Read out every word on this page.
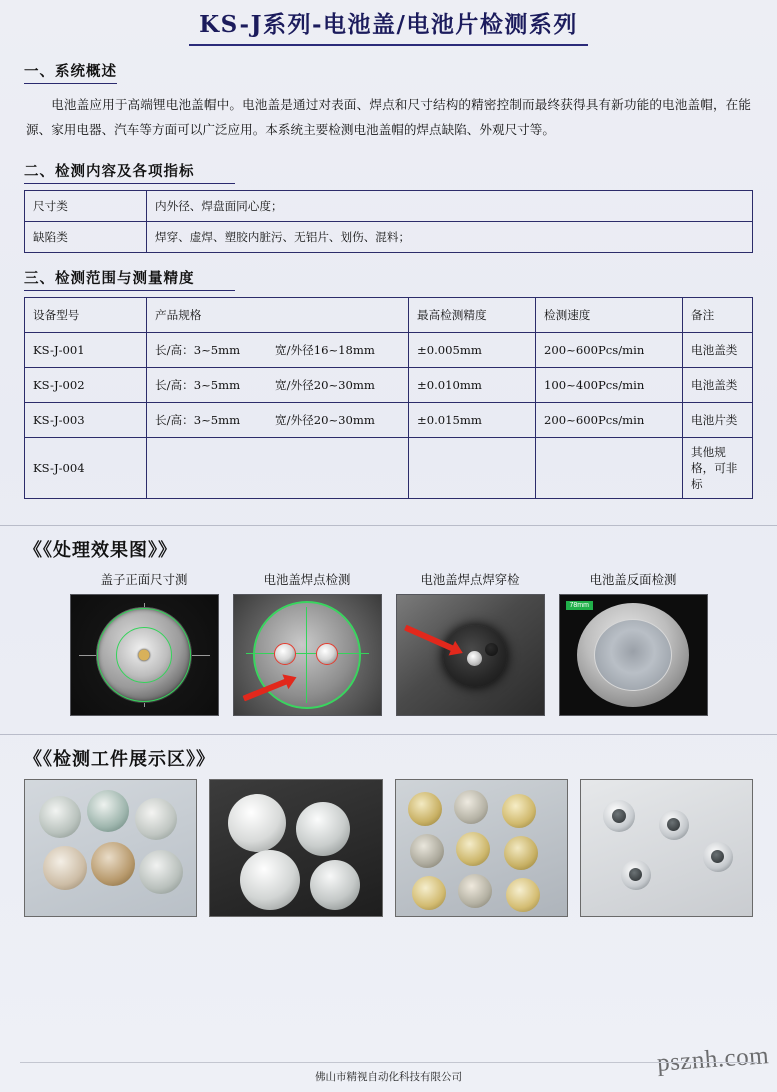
KS-J系列-电池盖/电池片检测系列
一、系统概述
电池盖应用于高端锂电池盖帽中。电池盖是通过对表面、焊点和尺寸结构的精密控制而最终获得具有新功能的电池盖帽，在能源、家用电器、汽车等方面可以广泛应用。本系统主要检测电池盖帽的焊点缺陷、外观尺寸等。
二、检测内容及各项指标
尺寸类	内外径、焊盘面同心度；
缺陷类	焊穿、虚焊、塑胶内脏污、无铝片、划伤、混料；
三、检测范围与测量精度
设备型号	产品规格	最高检测精度	检测速度	备注
KS-J-001	长/高：3~5mm 宽/外径16~18mm	±0.005mm	200~600Pcs/min	电池盖类
KS-J-002	长/高：3~5mm 宽/外径20~30mm	±0.010mm	100~400Pcs/min	电池盖类
KS-J-003	长/高：3~5mm 宽/外径20~30mm	±0.015mm	200~600Pcs/min	电池片类
KS-J-004				其他规格，可非标
《《处理效果图》》
盖子正面尺寸测	电池盖焊点检测	电池盖焊点焊穿检	电池盖反面检测
78mm
《《检测工件展示区》》
psznh.com
佛山市精视自动化科技有限公司
